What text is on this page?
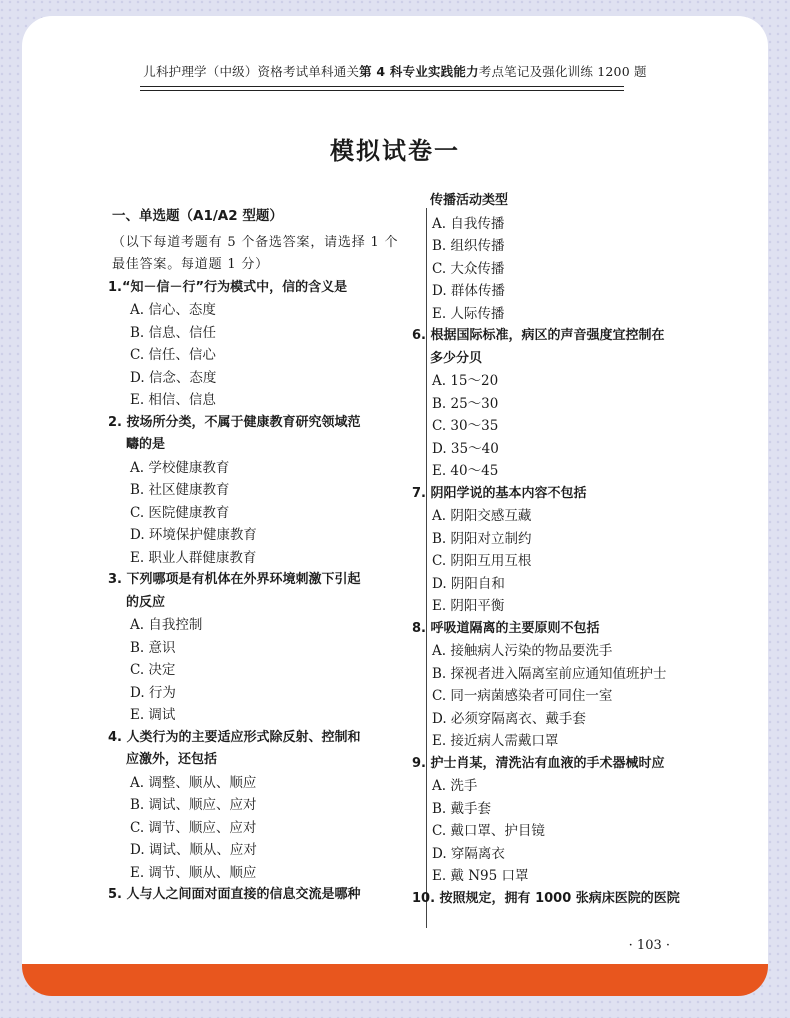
儿科护理学（中级）资格考试单科通关第 4 科专业实践能力考点笔记及强化训练 1200 题
模拟试卷一
· 103 ·
一、单选题（A1/A2 型题）
（以下每道考题有 5 个备选答案，请选择 1 个
最佳答案。每道题 1 分）
1.“知－信－行”行为模式中，信的含义是
A. 信心、态度
B. 信息、信任
C. 信任、信心
D. 信念、态度
E. 相信、信息
2. 按场所分类，不属于健康教育研究领域范
疇的是
A. 学校健康教育
B. 社区健康教育
C. 医院健康教育
D. 环境保护健康教育
E. 职业人群健康教育
3. 下列哪项是有机体在外界环境刺激下引起
的反应
A. 自我控制
B. 意识
C. 决定
D. 行为
E. 调试
4. 人类行为的主要适应形式除反射、控制和
应激外，还包括
A. 调整、顺从、顺应
B. 调试、顺应、应对
C. 调节、顺应、应对
D. 调试、顺从、应对
E. 调节、顺从、顺应
5. 人与人之间面对面直接的信息交流是哪种
传播活动类型
A. 自我传播
B. 组织传播
C. 大众传播
D. 群体传播
E. 人际传播
6. 根据国际标准，病区的声音强度宜控制在
多少分贝
A. 15～20
B. 25～30
C. 30～35
D. 35～40
E. 40～45
7. 阴阳学说的基本内容不包括
A. 阴阳交感互藏
B. 阴阳对立制约
C. 阴阳互用互根
D. 阴阳自和
E. 阴阳平衡
8. 呼吸道隔离的主要原则不包括
A. 接触病人污染的物品要洗手
B. 探视者进入隔离室前应通知值班护士
C. 同一病菌感染者可同住一室
D. 必须穿隔离衣、戴手套
E. 接近病人需戴口罩
9. 护士肖某，清洗沾有血液的手术器械时应
A. 洗手
B. 戴手套
C. 戴口罩、护目镜
D. 穿隔离衣
E. 戴 N95 口罩
10. 按照规定，拥有 1000 张病床医院的医院
